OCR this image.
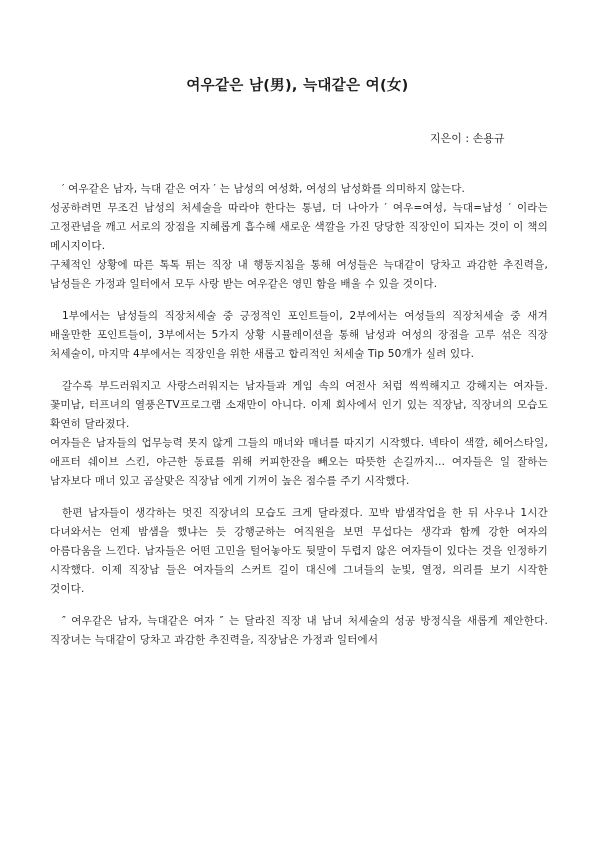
여우같은 남(男), 늑대같은 여(女)

지은이 : 손용규

′ 여우같은 남자, 늑대 같은 여자 ′ 는 남성의 여성화, 여성의 남성화를 의미하지 않는다.

성공하려면 무조건 남성의 처세술을 따라야 한다는 통념, 더 나아가 ′ 여우=여성, 늑대=남성 ′ 이라는 고정관념을 깨고 서로의 장점을 지혜롭게 흡수해 새로운 색깔을 가진 당당한 직장인이 되자는 것이 이 책의 메시지이다.

구체적인 상황에 따른 톡톡 튀는 직장 내 행동지침을 통해 여성들은 늑대같이 당차고 과감한 추진력을, 남성들은 가정과 일터에서 모두 사랑 받는 여우같은 영민 함을 배울 수 있을 것이다.

1부에서는 남성들의 직장처세술 중 긍정적인 포인트들이, 2부에서는 여성들의 직장처세술 중 새겨 배울만한 포인트들이, 3부에서는 5가지 상황 시뮬레이션을 통해 남성과 여성의 장점을 고루 섞은 직장 처세술이, 마지막 4부에서는 직장인을 위한 새롭고 합리적인 처세술 Tip 50개가 실려 있다.

갈수록 부드러워지고 사랑스러워지는 남자들과 게임 속의 여전사 처럼 씩씩해지고 강해지는 여자들. 꽃미남, 터프녀의 열풍은TV프로그램 소재만이 아니다. 이제 회사에서 인기 있는 직장남, 직장녀의 모습도 확연히 달라졌다.

여자들은 남자들의 업무능력 못지 않게 그들의 매너와 매너를 따지기 시작했다. 넥타이 색깔, 헤어스타일, 애프터 쉐이브 스킨, 야근한 동료를 위해 커피한잔을 빼오는 따뜻한 손길까지… 여자들은 일 잘하는 남자보다 매너 있고 곰살맞은 직장남 에게 기꺼이 높은 점수를 주기 시작했다.

한편 남자들이 생각하는 멋진 직장녀의 모습도 크게 달라졌다. 꼬박 밤샘작업을 한 뒤 사우나 1시간 다녀와서는 언제 밤샘을 했냐는 듯 강행군하는 여직원을 보면 무섭다는 생각과 함께 강한 여자의 아름다움을 느낀다. 남자들은 어떤 고민을 털어놓아도 뒷말이 두렵지 않은 여자들이 있다는 것을 인정하기 시작했다. 이제 직장남 들은 여자들의 스커트 길이 대신에 그녀들의 눈빛, 열정, 의리를 보기 시작한 것이다.

″ 여우같은 남자, 늑대같은 여자 ″ 는 달라진 직장 내 남녀 처세술의 성공 방정식을 새롭게 제안한다. 직장녀는 늑대같이 당차고 과감한 추진력을, 직장남은 가정과 일터에서
